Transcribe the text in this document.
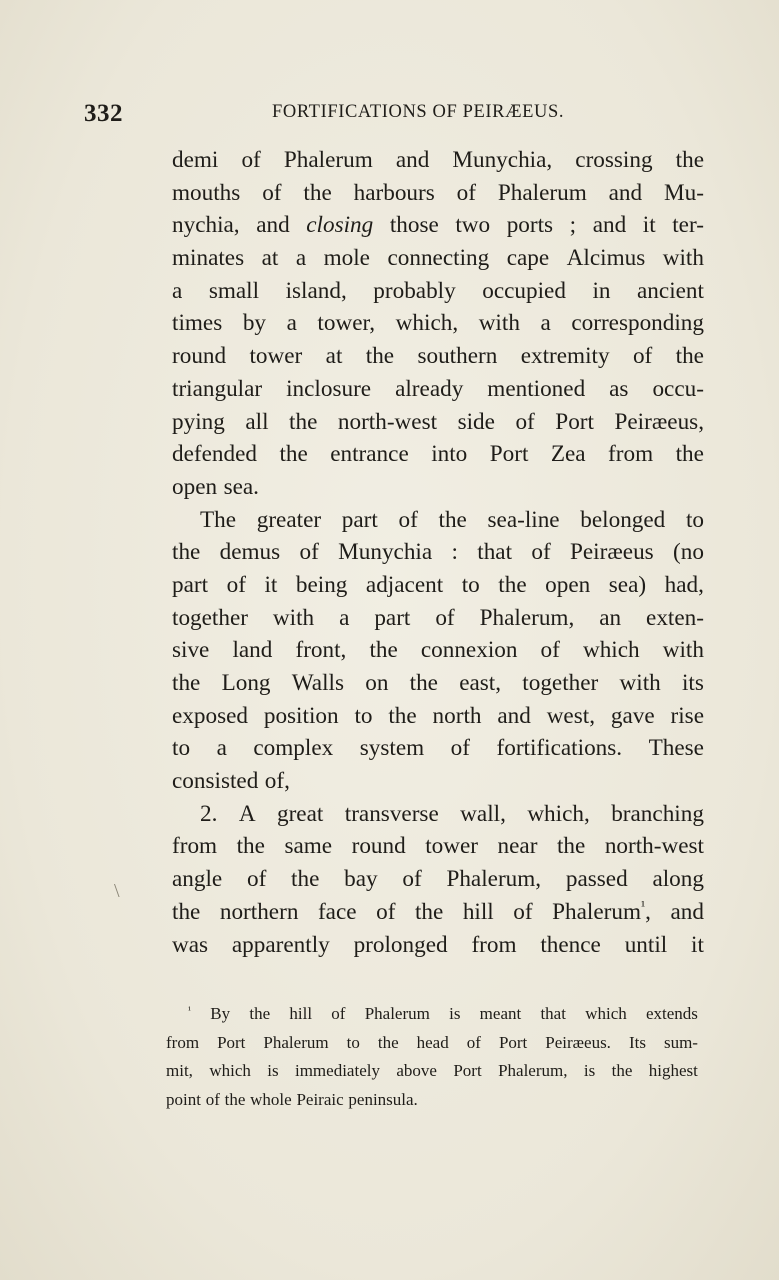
332	FORTIFICATIONS OF PEIRÆEUS.
demi of Phalerum and Munychia, crossing the
mouths of the harbours of Phalerum and Mu-
nychia, and closing those two ports ; and it ter-
minates at a mole connecting cape Alcimus with
a small island, probably occupied in ancient
times by a tower, which, with a corresponding
round tower at the southern extremity of the
triangular inclosure already mentioned as occu-
pying all the north-west side of Port Peiræeus,
defended the entrance into Port Zea from the
open sea.
The greater part of the sea-line belonged to
the demus of Munychia : that of Peiræeus (no
part of it being adjacent to the open sea) had,
together with a part of Phalerum, an exten-
sive land front, the connexion of which with
the Long Walls on the east, together with its
exposed position to the north and west, gave rise
to a complex system of fortifications. These
consisted of,
2. A great transverse wall, which, branching
from the same round tower near the north-west
angle of the bay of Phalerum, passed along
the northern face of the hill of Phalerum$^{^1}$, and
was apparently prolonged from thence until it
$^{^1}$ By the hill of Phalerum is meant that which extends
from Port Phalerum to the head of Port Peiræeus. Its sum-
mit, which is immediately above Port Phalerum, is the highest
point of the whole Peiraic peninsula.
\
